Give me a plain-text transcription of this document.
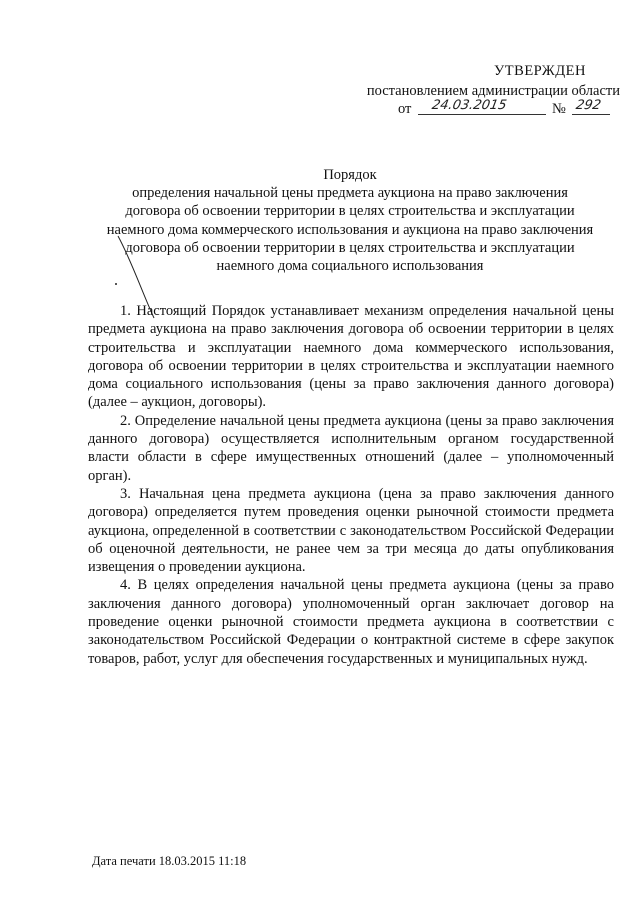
УТВЕРЖДЕН
постановлением администрации области
от 24.03.2015	№ 292
Порядок
определения начальной цены предмета аукциона на право заключения
договора об освоении территории в целях строительства и эксплуатации
наемного дома коммерческого использования и аукциона на право заключения
договора об освоении территории в целях строительства и эксплуатации
наемного дома социального использования

1. Настоящий Порядок устанавливает механизм определения начальной цены предмета аукциона на право заключения договора об освоении территории в целях строительства и эксплуатации наемного дома коммерческого использования, договора об освоении территории в целях строительства и эксплуатации наемного дома социального использования (цены за право заключения данного договора) (далее – аукцион, договоры).

2. Определение начальной цены предмета аукциона (цены за право заключения данного договора) осуществляется исполнительным органом государственной власти области в сфере имущественных отношений (далее – уполномоченный орган).

3. Начальная цена предмета аукциона (цена за право заключения данного договора) определяется путем проведения оценки рыночной стоимости предмета аукциона, определенной в соответствии с законодательством Российской Федерации об оценочной деятельности, не ранее чем за три месяца до даты опубликования извещения о проведении аукциона.

4. В целях определения начальной цены предмета аукциона (цены за право заключения данного договора) уполномоченный орган заключает договор на проведение оценки рыночной стоимости предмета аукциона в соответствии с законодательством Российской Федерации о контрактной системе в сфере закупок товаров, работ, услуг для обеспечения государственных и муниципальных нужд.

Дата печати 18.03.2015 11:18
